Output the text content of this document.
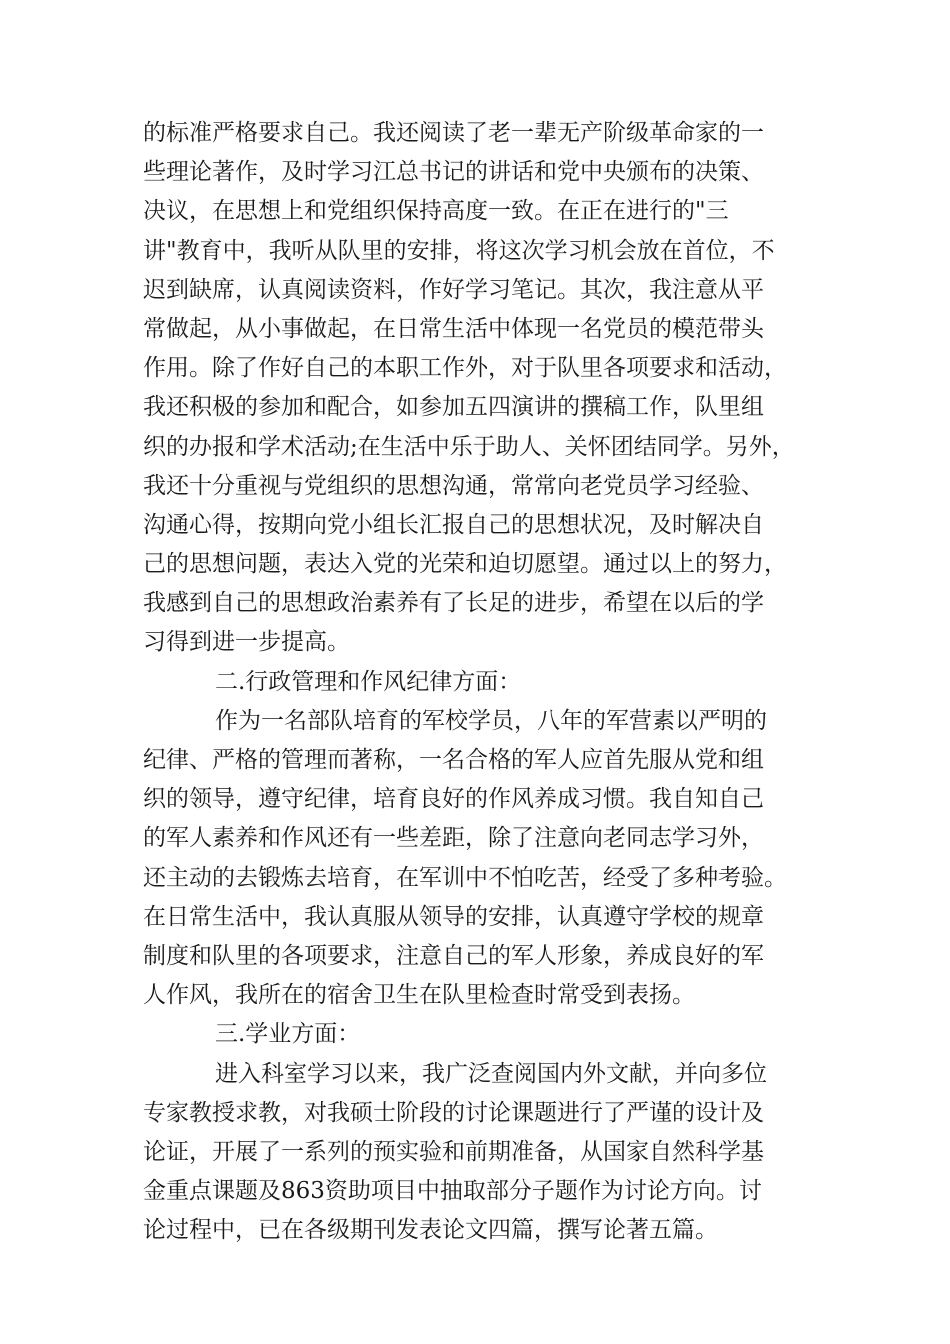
的标准严格要求自己。我还阅读了老一辈无产阶级革命家的一
些理论著作，及时学习江总书记的讲话和党中央颁布的决策、
决议，在思想上和党组织保持高度一致。在正在进行的"三
讲"教育中，我听从队里的安排，将这次学习机会放在首位，不
迟到缺席，认真阅读资料，作好学习笔记。其次，我注意从平
常做起，从小事做起，在日常生活中体现一名党员的模范带头
作用。除了作好自己的本职工作外，对于队里各项要求和活动，
我还积极的参加和配合，如参加五四演讲的撰稿工作，队里组
织的办报和学术活动;在生活中乐于助人、关怀团结同学。另外，
我还十分重视与党组织的思想沟通，常常向老党员学习经验、
沟通心得，按期向党小组长汇报自己的思想状况，及时解决自
己的思想问题，表达入党的光荣和迫切愿望。通过以上的努力，
我感到自己的思想政治素养有了长足的进步，希望在以后的学
习得到进一步提高。
二.行政管理和作风纪律方面：
作为一名部队培育的军校学员，八年的军营素以严明的
纪律、严格的管理而著称，一名合格的军人应首先服从党和组
织的领导，遵守纪律，培育良好的作风养成习惯。我自知自己
的军人素养和作风还有一些差距，除了注意向老同志学习外，
还主动的去锻炼去培育，在军训中不怕吃苦，经受了多种考验。
在日常生活中，我认真服从领导的安排，认真遵守学校的规章
制度和队里的各项要求，注意自己的军人形象，养成良好的军
人作风，我所在的宿舍卫生在队里检查时常受到表扬。
三.学业方面：
进入科室学习以来，我广泛查阅国内外文献，并向多位
专家教授求教，对我硕士阶段的讨论课题进行了严谨的设计及
论证，开展了一系列的预实验和前期准备，从国家自然科学基
金重点课题及863资助项目中抽取部分子题作为讨论方向。讨
论过程中，已在各级期刊发表论文四篇，撰写论著五篇。
